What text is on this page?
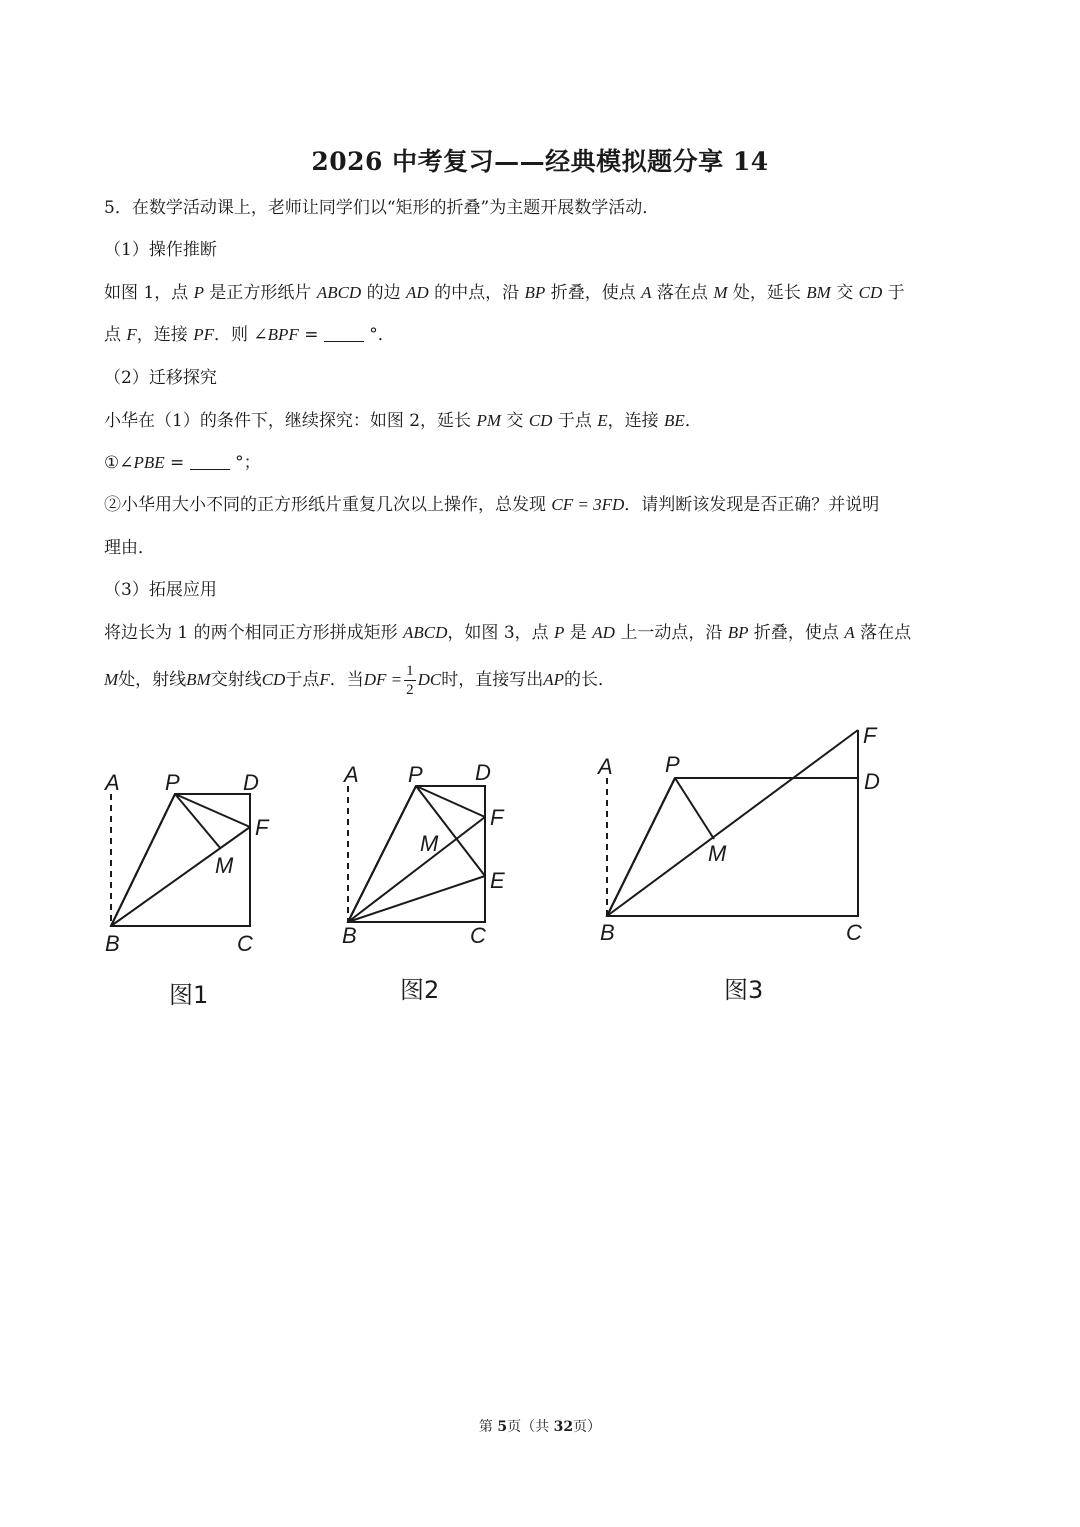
2026 中考复习——经典模拟题分享 14
5．在数学活动课上，老师让同学们以“矩形的折叠”为主题开展数学活动．
（1）操作推断
如图 1，点 P 是正方形纸片 ABCD 的边 AD 的中点，沿 BP 折叠，使点 A 落在点 M 处，延长 BM 交 CD 于
点 F，连接 PF．则 ∠BPF =  °．
（2）迁移探究
小华在（1）的条件下，继续探究：如图 2，延长 PM 交 CD 于点 E，连接 BE．
①∠PBE =  °；
②小华用大小不同的正方形纸片重复几次以上操作，总发现 CF = 3FD．请判断该发现是否正确？并说明
理由．
（3）拓展应用
将边长为 1 的两个相同正方形拼成矩形 ABCD，如图 3，点 P 是 AD 上一动点，沿 BP 折叠，使点 A 落在点
M 处，射线 BM 交射线 CD 于点 F ．当 DF = $\frac{1}{2}$ DC 时，直接写出 AP 的长．
A P	D
F
M
B	C
图1
A P D
F
M
E
B	C
图2
F
A P
D
M
B	C
图3
第 5页（共 32页）
